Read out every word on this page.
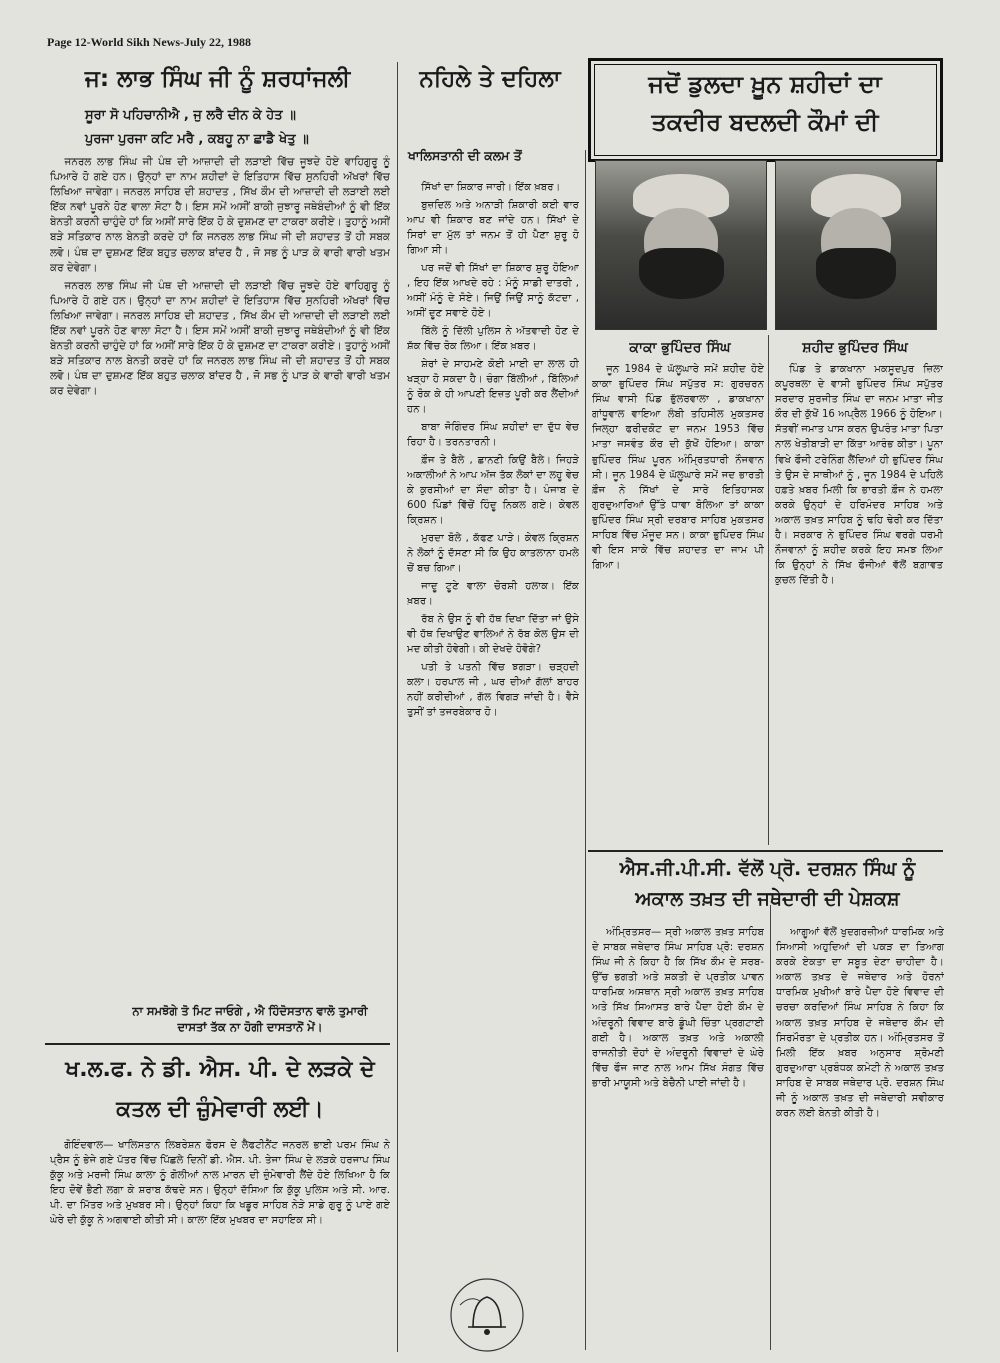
Page 12-World Sikh News-July 22, 1988
ਜ: ਲਾਭ ਸਿੰਘ ਜੀ ਨੂੰ ਸ਼ਰਧਾਂਜਲੀ
ਸੂਰਾ ਸੋ ਪਹਿਚਾਨੀਐ , ਜੁ ਲਰੈ ਦੀਨ ਕੇ ਹੇਤ ॥
ਪੁਰਜਾ ਪੁਰਜਾ ਕਟਿ ਮਰੈ , ਕਬਹੂ ਨਾ ਛਾਡੈ ਖੇਤੁ ॥

ਜਨਰਲ ਲਾਭ ਸਿੰਘ ਜੀ ਪੰਥ ਦੀ ਆਜ਼ਾਦੀ ਦੀ ਲੜਾਈ ਵਿੱਚ ਜੂਝਦੇ ਹੋਏ ਵਾਹਿਗੁਰੂ ਨੂੰ ਪਿਆਰੇ ਹੋ ਗਏ ਹਨ। ਉਨ੍ਹਾਂ ਦਾ ਨਾਮ ਸ਼ਹੀਦਾਂ ਦੇ ਇਤਿਹਾਸ ਵਿੱਚ ਸੁਨਹਿਰੀ ਅੱਖਰਾਂ ਵਿੱਚ ਲਿਖਿਆ ਜਾਵੇਗਾ। ਜਨਰਲ ਸਾਹਿਬ ਦੀ ਸ਼ਹਾਦਤ , ਸਿੱਖ ਕੌਮ ਦੀ ਆਜ਼ਾਦੀ ਦੀ ਲੜਾਈ ਲਈ ਇੱਕ ਨਵਾਂ ਪੂਰਨੇ ਹੋਣ ਵਾਲਾ ਸੋਟਾ ਹੈ। ਇਸ ਸਮੇਂ ਅਸੀਂ ਬਾਕੀ ਜੁਝਾਰੂ ਜਥੇਬੰਦੀਆਂ ਨੂੰ ਵੀ ਇੱਕ ਬੇਨਤੀ ਕਰਨੀ ਚਾਹੁੰਦੇ ਹਾਂ ਕਿ ਅਸੀਂ ਸਾਰੇ ਇੱਕ ਹੋ ਕੇ ਦੁਸ਼ਮਣ ਦਾ ਟਾਕਰਾ ਕਰੀਏ। ਤੁਹਾਨੂੰ ਅਸੀਂ ਬੜੇ ਸਤਿਕਾਰ ਨਾਲ ਬੇਨਤੀ ਕਰਦੇ ਹਾਂ ਕਿ ਜਨਰਲ ਲਾਭ ਸਿੰਘ ਜੀ ਦੀ ਸ਼ਹਾਦਤ ਤੋਂ ਹੀ ਸਬਕ ਲਵੋ। ਪੰਥ ਦਾ ਦੁਸ਼ਮਣ ਇੱਕ ਬਹੁਤ ਚਲਾਕ ਬਾਂਦਰ ਹੈ , ਜੋ ਸਭ ਨੂੰ ਪਾੜ ਕੇ ਵਾਰੀ ਵਾਰੀ ਖਤਮ ਕਰ ਦੇਵੇਗਾ।

ਜਨਰਲ ਲਾਭ ਸਿੰਘ ਜੀ ਪੰਥ ਦੀ ਆਜ਼ਾਦੀ ਦੀ ਲੜਾਈ ਵਿੱਚ ਜੂਝਦੇ ਹੋਏ ਵਾਹਿਗੁਰੂ ਨੂੰ ਪਿਆਰੇ ਹੋ ਗਏ ਹਨ। ਉਨ੍ਹਾਂ ਦਾ ਨਾਮ ਸ਼ਹੀਦਾਂ ਦੇ ਇਤਿਹਾਸ ਵਿੱਚ ਸੁਨਹਿਰੀ ਅੱਖਰਾਂ ਵਿੱਚ ਲਿਖਿਆ ਜਾਵੇਗਾ। ਜਨਰਲ ਸਾਹਿਬ ਦੀ ਸ਼ਹਾਦਤ , ਸਿੱਖ ਕੌਮ ਦੀ ਆਜ਼ਾਦੀ ਦੀ ਲੜਾਈ ਲਈ ਇੱਕ ਨਵਾਂ ਪੂਰਨੇ ਹੋਣ ਵਾਲਾ ਸੋਟਾ ਹੈ। ਇਸ ਸਮੇਂ ਅਸੀਂ ਬਾਕੀ ਜੁਝਾਰੂ ਜਥੇਬੰਦੀਆਂ ਨੂੰ ਵੀ ਇੱਕ ਬੇਨਤੀ ਕਰਨੀ ਚਾਹੁੰਦੇ ਹਾਂ ਕਿ ਅਸੀਂ ਸਾਰੇ ਇੱਕ ਹੋ ਕੇ ਦੁਸ਼ਮਣ ਦਾ ਟਾਕਰਾ ਕਰੀਏ। ਤੁਹਾਨੂੰ ਅਸੀਂ ਬੜੇ ਸਤਿਕਾਰ ਨਾਲ ਬੇਨਤੀ ਕਰਦੇ ਹਾਂ ਕਿ ਜਨਰਲ ਲਾਭ ਸਿੰਘ ਜੀ ਦੀ ਸ਼ਹਾਦਤ ਤੋਂ ਹੀ ਸਬਕ ਲਵੋ। ਪੰਥ ਦਾ ਦੁਸ਼ਮਣ ਇੱਕ ਬਹੁਤ ਚਲਾਕ ਬਾਂਦਰ ਹੈ , ਜੋ ਸਭ ਨੂੰ ਪਾੜ ਕੇ ਵਾਰੀ ਵਾਰੀ ਖਤਮ ਕਰ ਦੇਵੇਗਾ।

ਨਾ ਸਮਝੋਗੇ ਤੋ ਮਿਟ ਜਾਓਗੇ , ਐ ਹਿੰਦੋਸਤਾਨ ਵਾਲੋ ਤੁਮਾਰੀ ਦਾਸਤਾਂ ਤੱਕ ਨਾ ਹੋਗੀ ਦਾਸਤਾਨੋਂ ਮੇਂ।
ਖ.ਲ.ਫ. ਨੇ ਡੀ. ਐਸ. ਪੀ. ਦੇ ਲੜਕੇ ਦੇ ਕਤਲ ਦੀ ਜ਼ੁੰਮੇਵਾਰੀ ਲਈ।

ਗੋਇੰਦਵਾਲ— ਖਾਲਿਸਤਾਨ ਲਿਬਰੇਸ਼ਨ ਫੋਰਸ ਦੇ ਲੈਫਟੀਨੈਂਟ ਜਨਰਲ ਭਾਈ ਪਰਮ ਸਿੰਘ ਨੇ ਪ੍ਰੈਸ ਨੂੰ ਭੇਜੇ ਗਏ ਪੱਤਰ ਵਿੱਚ ਪਿੱਛਲੇ ਦਿਨੀਂ ਡੀ. ਐਸ. ਪੀ. ਤੇਜਾ ਸਿੰਘ ਦੇ ਲੜਕੇ ਹਰਜਾਪ ਸਿੰਘ ਕੁੱਕੂ ਅਤੇ ਮਰਜੀ ਸਿੰਘ ਕਾਲਾ ਨੂੰ ਗੋਲੀਆਂ ਨਾਲ ਮਾਰਨ ਦੀ ਜ਼ੁੰਮੇਵਾਰੀ ਲੈਂਦੇ ਹੋਏ ਲਿਖਿਆ ਹੈ ਕਿ ਇਹ ਦੋਵੇਂ ਭੈਣੀ ਲਗਾ ਕੇ ਸ਼ਰਾਬ ਕੱਢਦੇ ਸਨ। ਉਨ੍ਹਾਂ ਦੱਸਿਆ ਕਿ ਕੁੱਕੂ ਪੁਲਿਸ ਅਤੇ ਸੀ. ਆਰ. ਪੀ. ਦਾ ਮਿੱਤਰ ਅਤੇ ਮੁਖਬਰ ਸੀ। ਉਨ੍ਹਾਂ ਕਿਹਾ ਕਿ ਖਡੂਰ ਸਾਹਿਬ ਨੇੜੇ ਸਾਡੇ ਗੁਰੂ ਨੂੰ ਪਾਏ ਗਏ ਘੇਰੇ ਦੀ ਕੁੱਕੂ ਨੇ ਅਗਵਾਈ ਕੀਤੀ ਸੀ। ਕਾਲਾ ਇੱਕ ਮੁਖਬਰ ਦਾ ਸਹਾਇਕ ਸੀ।

ਨਹਿਲੇ ਤੇ ਦਹਿਲਾ
ਖਾਲਿਸਤਾਨੀ ਦੀ ਕਲਮ ਤੋਂ

ਸਿੱਖਾਂ ਦਾ ਸ਼ਿਕਾਰ ਜਾਰੀ। ਇੱਕ ਖ਼ਬਰ।

ਬੁਜ਼ਦਿਲ ਅਤੇ ਅਨਾੜੀ ਸ਼ਿਕਾਰੀ ਕਈ ਵਾਰ ਆਪ ਵੀ ਸ਼ਿਕਾਰ ਬਣ ਜਾਂਦੇ ਹਨ। ਸਿੱਖਾਂ ਦੇ ਸਿਰਾਂ ਦਾ ਮੁੱਲ ਤਾਂ ਜਨਮ ਤੋਂ ਹੀ ਪੈਣਾ ਸ਼ੁਰੂ ਹੋ ਗਿਆ ਸੀ।

ਪਰ ਜਦੋਂ ਵੀ ਸਿੱਖਾਂ ਦਾ ਸ਼ਿਕਾਰ ਸ਼ੁਰੂ ਹੋਇਆ , ਇਹ ਇੱਕ ਆਖਦੇ ਰਹੇ : ਮੰਨੂੰ ਸਾਡੀ ਦਾਤਰੀ , ਅਸੀਂ ਮੰਨੂੰ ਦੇ ਸੋਏ। ਜਿਉਂ ਜਿਉਂ ਸਾਨੂੰ ਕੱਟਦਾ , ਅਸੀਂ ਦੂਣ ਸਵਾਏ ਹੋਏ।

ਬਿੱਲੇ ਨੂੰ ਦਿੱਲੀ ਪੁਲਿਸ ਨੇ ਅੱਤਵਾਦੀ ਹੋਣ ਦੇ ਸ਼ੱਕ ਵਿੱਚ ਰੋਕ ਲਿਆ। ਇੱਕ ਖ਼ਬਰ।

ਸ਼ੇਰਾਂ ਦੇ ਸਾਹਮਣੇ ਕੋਈ ਮਾਈ ਦਾ ਲਾਲ ਹੀ ਖੜ੍ਹਾ ਹੋ ਸਕਦਾ ਹੈ। ਚੰਗਾ ਬਿੱਲੀਆਂ , ਬਿੱਲਿਆਂ ਨੂੰ ਰੋਕ ਕੇ ਹੀ ਆਪਣੀ ਇਜ਼ਤ ਪੂਰੀ ਕਰ ਲੈਂਦੀਆਂ ਹਨ।

ਬਾਬਾ ਜੋਗਿੰਦਰ ਸਿੰਘ ਸ਼ਹੀਦਾਂ ਦਾ ਦੁੱਧ ਵੇਚ ਰਿਹਾ ਹੈ। ਤਰਨਤਾਰਨੀ।

ਫ਼ੌਜ ਤੇ ਬੈਲੇ , ਛਾਨਣੀ ਕਿਉਂ ਬੈਲੇ। ਜਿਹੜੇ ਅਕਾਲੀਆਂ ਨੇ ਆਪ ਅੱਜ ਤੱਕ ਲੋਕਾਂ ਦਾ ਲਹੂ ਵੇਚ ਕੇ ਕੁਰਸੀਆਂ ਦਾ ਸੌਦਾ ਕੀਤਾ ਹੈ। ਪੰਜਾਬ ਦੇ 600 ਪਿੰਡਾਂ ਵਿੱਚੋਂ ਹਿੰਦੂ ਨਿਕਲ ਗਏ। ਕੇਵਲ ਕ੍ਰਿਸ਼ਨ।

ਮੁਰਦਾ ਬੋਲੇ , ਕੱਫਣ ਪਾੜੇ। ਕੇਵਲ ਕ੍ਰਿਸ਼ਨ ਨੇ ਲੋਕਾਂ ਨੂੰ ਦੱਸਣਾ ਸੀ ਕਿ ਉਹ ਕਾਤਲਾਨਾ ਹਮਲੇ ਚੋਂ ਬਚ ਗਿਆ।

ਜਾਦੂ ਟੂਣੇ ਵਾਲਾ ਚੋਰਸ਼ੀ ਹਲਾਕ। ਇੱਕ ਖ਼ਬਰ।

ਰੱਬ ਨੇ ਉਸ ਨੂੰ ਵੀ ਹੱਥ ਦਿਖਾ ਦਿੱਤਾ ਜਾਂ ਉਸੇ ਵੀ ਹੱਥ ਦਿਖਾਉਣ ਵਾਲਿਆਂ ਨੇ ਰੱਬ ਕੋਲ ਉਸ ਦੀ ਮਦ ਕੀਤੀ ਹੋਵੇਗੀ। ਕੀ ਦੇਖਦੇ ਹੋਵੋਗੇ?

ਪਤੀ ਤੇ ਪਤਨੀ ਵਿੱਚ ਝਗੜਾ। ਚੜ੍ਹਦੀ ਕਲਾ। ਹਰਪਾਲ ਜੀ , ਘਰ ਦੀਆਂ ਗੱਲਾਂ ਬਾਹਰ ਨਹੀਂ ਕਰੀਦੀਆਂ , ਗੱਲ ਵਿਗੜ ਜਾਂਦੀ ਹੈ। ਵੈਸੇ ਤੁਸੀਂ ਤਾਂ ਤਜਰਬੇਕਾਰ ਹੋ।

ਜਦੋਂ ਡੁਲਦਾ ਖ਼ੂਨ ਸ਼ਹੀਦਾਂ ਦਾ
ਤਕਦੀਰ ਬਦਲਦੀ ਕੌਮਾਂ ਦੀ
ਕਾਕਾ ਭੁਪਿੰਦਰ ਸਿੰਘ	ਸ਼ਹੀਦ ਭੁਪਿੰਦਰ ਸਿੰਘ

ਜੂਨ 1984 ਦੇ ਘੱਲੂਘਾਰੇ ਸਮੇਂ ਸ਼ਹੀਦ ਹੋਏ ਕਾਕਾ ਭੁਪਿੰਦਰ ਸਿੰਘ ਸਪੁੱਤਰ ਸ: ਗੁਰਚਰਨ ਸਿੰਘ ਵਾਸੀ ਪਿੰਡ ਭੁੱਲਰਵਾਲਾ , ਡਾਕਖਾਨਾ ਗਾਂਧੂਵਾਲ ਵਾਇਆ ਲੰਬੀ ਤਹਿਸੀਲ ਮੁਕਤਸਰ ਜਿਲ੍ਹਾ ਫਰੀਦਕੋਟ ਦਾ ਜਨਮ 1953 ਵਿੱਚ ਮਾਤਾ ਜਸਵੰਤ ਕੌਰ ਦੀ ਕੁੱਖੋਂ ਹੋਇਆ। ਕਾਕਾ ਭੁਪਿੰਦਰ ਸਿੰਘ ਪੂਰਨ ਅੰਮ੍ਰਿਤਧਾਰੀ ਨੌਜਵਾਨ ਸੀ। ਜੂਨ 1984 ਦੇ ਘੱਲੂਘਾਰੇ ਸਮੇਂ ਜਦ ਭਾਰਤੀ ਫ਼ੌਜ ਨੇ ਸਿੱਖਾਂ ਦੇ ਸਾਰੇ ਇਤਿਹਾਸਕ ਗੁਰਦੁਆਰਿਆਂ ਉੱਤੇ ਧਾਵਾ ਬੋਲਿਆ ਤਾਂ ਕਾਕਾ ਭੁਪਿੰਦਰ ਸਿੰਘ ਸ੍ਰੀ ਦਰਬਾਰ ਸਾਹਿਬ ਮੁਕਤਸਰ ਸਾਹਿਬ ਵਿੱਚ ਮੌਜੂਦ ਸਨ। ਕਾਕਾ ਭੁਪਿੰਦਰ ਸਿੰਘ ਵੀ ਇਸ ਸਾਕੇ ਵਿੱਚ ਸ਼ਹਾਦਤ ਦਾ ਜਾਮ ਪੀ ਗਿਆ।

ਪਿੰਡ ਤੇ ਡਾਕਖਾਨਾ ਮਕਸੂਦਪੁਰ ਜ਼ਿਲਾ ਕਪੂਰਥਲਾ ਦੇ ਵਾਸੀ ਭੁਪਿੰਦਰ ਸਿੰਘ ਸਪੁੱਤਰ ਸਰਦਾਰ ਸੁਰਜੀਤ ਸਿੰਘ ਦਾ ਜਨਮ ਮਾਤਾ ਜੀਤ ਕੌਰ ਦੀ ਕੁੱਖੋਂ 16 ਅਪ੍ਰੈਲ 1966 ਨੂੰ ਹੋਇਆ। ਸੱਤਵੀਂ ਜਮਾਤ ਪਾਸ ਕਰਨ ਉਪਰੰਤ ਮਾਤਾ ਪਿਤਾ ਨਾਲ ਖੇਤੀਬਾੜੀ ਦਾ ਕਿੱਤਾ ਆਰੰਭ ਕੀਤਾ। ਪੂਨਾ ਵਿਖੇ ਫੌਜੀ ਟਰੇਨਿੰਗ ਲੈਂਦਿਆਂ ਹੀ ਭੁਪਿੰਦਰ ਸਿੰਘ ਤੇ ਉਸ ਦੇ ਸਾਥੀਆਂ ਨੂੰ , ਜੂਨ 1984 ਦੇ ਪਹਿਲੇ ਹਫ਼ਤੇ ਖ਼ਬਰ ਮਿਲੀ ਕਿ ਭਾਰਤੀ ਫ਼ੌਜ ਨੇ ਹਮਲਾ ਕਰਕੇ ਉਨ੍ਹਾਂ ਦੇ ਹਰਿਮੰਦਰ ਸਾਹਿਬ ਅਤੇ ਅਕਾਲ ਤਖ਼ਤ ਸਾਹਿਬ ਨੂੰ ਢਹਿ ਢੇਰੀ ਕਰ ਦਿੱਤਾ ਹੈ। ਸਰਕਾਰ ਨੇ ਭੁਪਿੰਦਰ ਸਿੰਘ ਵਰਗੇ ਧਰਮੀ ਨੌਜਵਾਨਾਂ ਨੂੰ ਸ਼ਹੀਦ ਕਰਕੇ ਇਹ ਸਮਝ ਲਿਆ ਕਿ ਉਨ੍ਹਾਂ ਨੇ ਸਿੱਖ ਫੌਜੀਆਂ ਵੱਲੋਂ ਬਗ਼ਾਵਤ ਕੁਚਲ ਦਿੱਤੀ ਹੈ।

ਐਸ.ਜੀ.ਪੀ.ਸੀ. ਵੱਲੋਂ ਪ੍ਰੋ. ਦਰਸ਼ਨ ਸਿੰਘ ਨੂੰ
ਅਕਾਲ ਤਖ਼ਤ ਦੀ ਜਥੇਦਾਰੀ ਦੀ ਪੇਸ਼ਕਸ਼

ਅੰਮ੍ਰਿਤਸਰ— ਸ੍ਰੀ ਅਕਾਲ ਤਖ਼ਤ ਸਾਹਿਬ ਦੇ ਸਾਬਕ ਜਥੇਦਾਰ ਸਿੰਘ ਸਾਹਿਬ ਪ੍ਰੋ: ਦਰਸ਼ਨ ਸਿੰਘ ਜੀ ਨੇ ਕਿਹਾ ਹੈ ਕਿ ਸਿੱਖ ਕੌਮ ਦੇ ਸਰਬ-ਉੱਚ ਭਗਤੀ ਅਤੇ ਸ਼ਕਤੀ ਦੇ ਪ੍ਰਤੀਕ ਪਾਵਨ ਧਾਰਮਿਕ ਅਸਥਾਨ ਸ੍ਰੀ ਅਕਾਲ ਤਖ਼ਤ ਸਾਹਿਬ ਅਤੇ ਸਿੱਖ ਸਿਆਸਤ ਬਾਰੇ ਪੈਦਾ ਹੋਈ ਕੌਮ ਦੇ ਅੰਦਰੂਨੀ ਵਿਵਾਦ ਬਾਰੇ ਡੂੰਘੀ ਚਿੰਤਾ ਪ੍ਰਗਟਾਈ ਗਈ ਹੈ। ਅਕਾਲ ਤਖ਼ਤ ਅਤੇ ਅਕਾਲੀ ਰਾਜਨੀਤੀ ਦੋਹਾਂ ਦੇ ਅੰਦਰੂਨੀ ਵਿਵਾਦਾਂ ਦੇ ਘੇਰੇ ਵਿੱਚ ਫੌਜ ਜਾਣ ਨਾਲ ਆਮ ਸਿੱਖ ਸੰਗਤ ਵਿੱਚ ਭਾਰੀ ਮਾਯੂਸੀ ਅਤੇ ਬੇਚੈਨੀ ਪਾਈ ਜਾਂਦੀ ਹੈ।

ਆਗੂਆਂ ਵੱਲੋਂ ਖੁਦਗਰਜ਼ੀਆਂ ਧਾਰਮਿਕ ਅਤੇ ਸਿਆਸੀ ਅਹੁਦਿਆਂ ਦੀ ਪਕੜ ਦਾ ਤਿਆਗ ਕਰਕੇ ਏਕਤਾ ਦਾ ਸਬੂਤ ਦੇਣਾ ਚਾਹੀਦਾ ਹੈ। ਅਕਾਲ ਤਖ਼ਤ ਦੇ ਜਥੇਦਾਰ ਅਤੇ ਹੋਰਨਾਂ ਧਾਰਮਿਕ ਮੁਖੀਆਂ ਬਾਰੇ ਪੈਦਾ ਹੋਏ ਵਿਵਾਦ ਦੀ ਚਰਚਾ ਕਰਦਿਆਂ ਸਿੰਘ ਸਾਹਿਬ ਨੇ ਕਿਹਾ ਕਿ ਅਕਾਲ ਤਖ਼ਤ ਸਾਹਿਬ ਦੇ ਜਥੇਦਾਰ ਕੌਮ ਦੀ ਸਿਰਮੌਰਤਾ ਦੇ ਪ੍ਰਤੀਕ ਹਨ। ਅੰਮ੍ਰਿਤਸਰ ਤੋਂ ਮਿਲੀ ਇੱਕ ਖ਼ਬਰ ਅਨੁਸਾਰ ਸ਼੍ਰੋਮਣੀ ਗੁਰਦੁਆਰਾ ਪ੍ਰਬੰਧਕ ਕਮੇਟੀ ਨੇ ਅਕਾਲ ਤਖ਼ਤ ਸਾਹਿਬ ਦੇ ਸਾਬਕ ਜਥੇਦਾਰ ਪ੍ਰੋ. ਦਰਸ਼ਨ ਸਿੰਘ ਜੀ ਨੂੰ ਅਕਾਲ ਤਖ਼ਤ ਦੀ ਜਥੇਦਾਰੀ ਸਵੀਕਾਰ ਕਰਨ ਲਈ ਬੇਨਤੀ ਕੀਤੀ ਹੈ।
